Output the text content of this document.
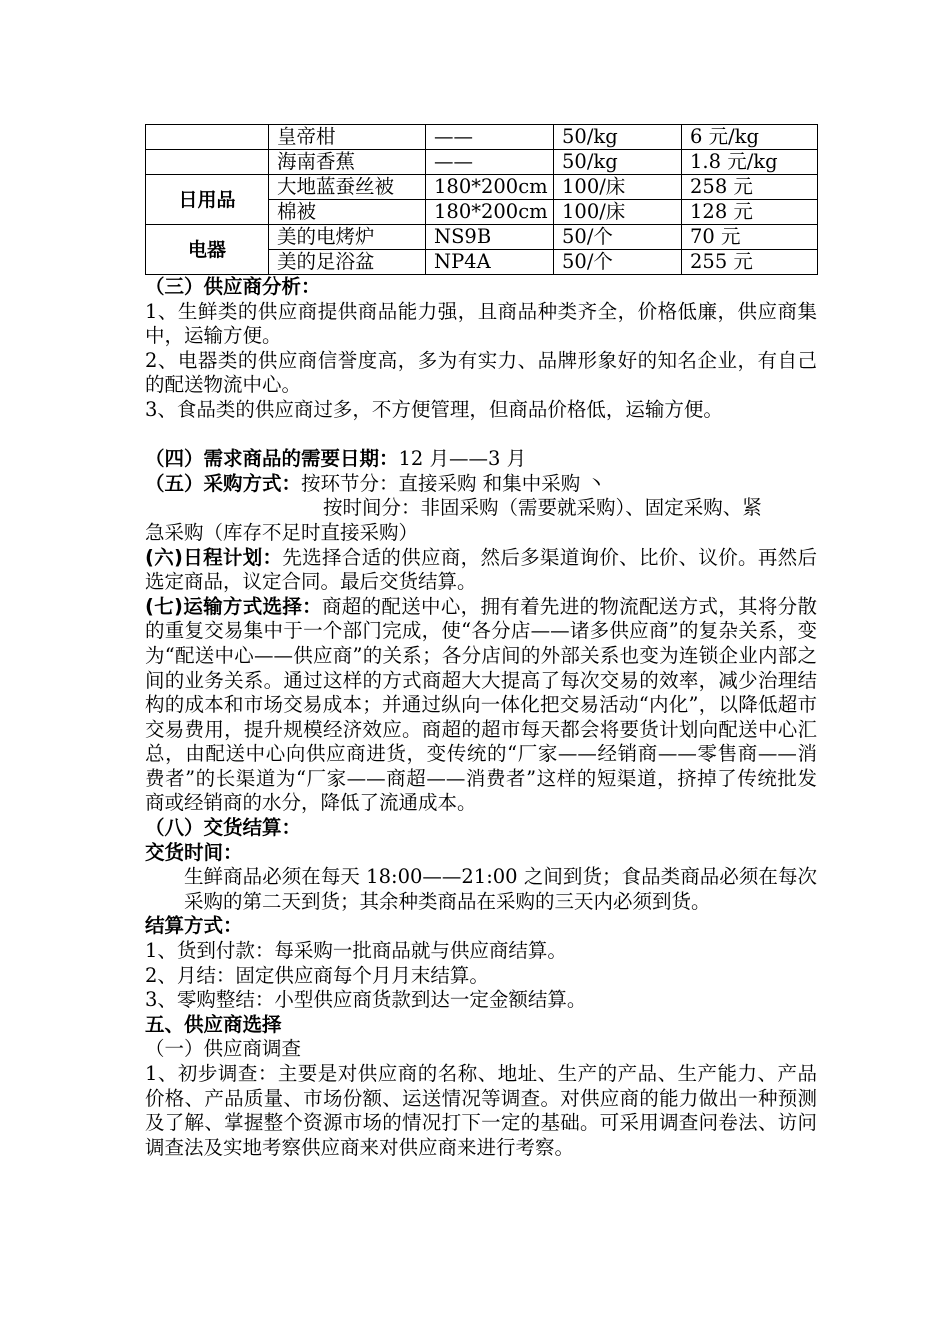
	皇帝柑	——	50/kg	6 元/kg
	海南香蕉	——	50/kg	1.8 元/kg
日用品	大地蓝蚕丝被	180*200cm	100/床	258 元
	棉被	180*200cm	100/床	128 元
电器	美的电烤炉	NS9B	50/个	70 元
	美的足浴盆	NP4A	50/个	255 元

（三）供应商分析：

1、生鲜类的供应商提供商品能力强，且商品种类齐全，价格低廉，供应商集中，运输方便。

2、电器类的供应商信誉度高，多为有实力、品牌形象好的知名企业，有自己的配送物流中心。

3、食品类的供应商过多，不方便管理，但商品价格低，运输方便。

（四）需求商品的需要日期：12 月——3 月

（五）采购方式：按环节分：直接采购 和集中采购 丶

按时间分：非固采购（需要就采购）、固定采购、紧

急采购（库存不足时直接采购）

(六)日程计划：先选择合适的供应商，然后多渠道询价、比价、议价。再然后选定商品，议定合同。最后交货结算。

(七)运输方式选择：商超的配送中心，拥有着先进的物流配送方式，其将分散的重复交易集中于一个部门完成，使“各分店——诸多供应商”的复杂关系，变为“配送中心——供应商”的关系；各分店间的外部关系也变为连锁企业内部之间的业务关系。通过这样的方式商超大大提高了每次交易的效率，减少治理结构的成本和市场交易成本；并通过纵向一体化把交易活动“内化”，以降低超市交易费用，提升规模经济效应。商超的超市每天都会将要货计划向配送中心汇总，由配送中心向供应商进货，变传统的“厂家——经销商——零售商——消费者”的长渠道为“厂家——商超——消费者”这样的短渠道，挤掉了传统批发商或经销商的水分，降低了流通成本。

（八）交货结算：

交货时间：

生鲜商品必须在每天 18:00——21:00 之间到货；食品类商品必须在每次采购的第二天到货；其余种类商品在采购的三天内必须到货。

结算方式：

1、货到付款：每采购一批商品就与供应商结算。

2、月结：固定供应商每个月月末结算。

3、零购整结：小型供应商货款到达一定金额结算。

五、供应商选择

（一）供应商调查

1、初步调查：主要是对供应商的名称、地址、生产的产品、生产能力、产品价格、产品质量、市场份额、运送情况等调查。对供应商的能力做出一种预测及了解、掌握整个资源市场的情况打下一定的基础。可采用调查问卷法、访问调查法及实地考察供应商来对供应商来进行考察。
